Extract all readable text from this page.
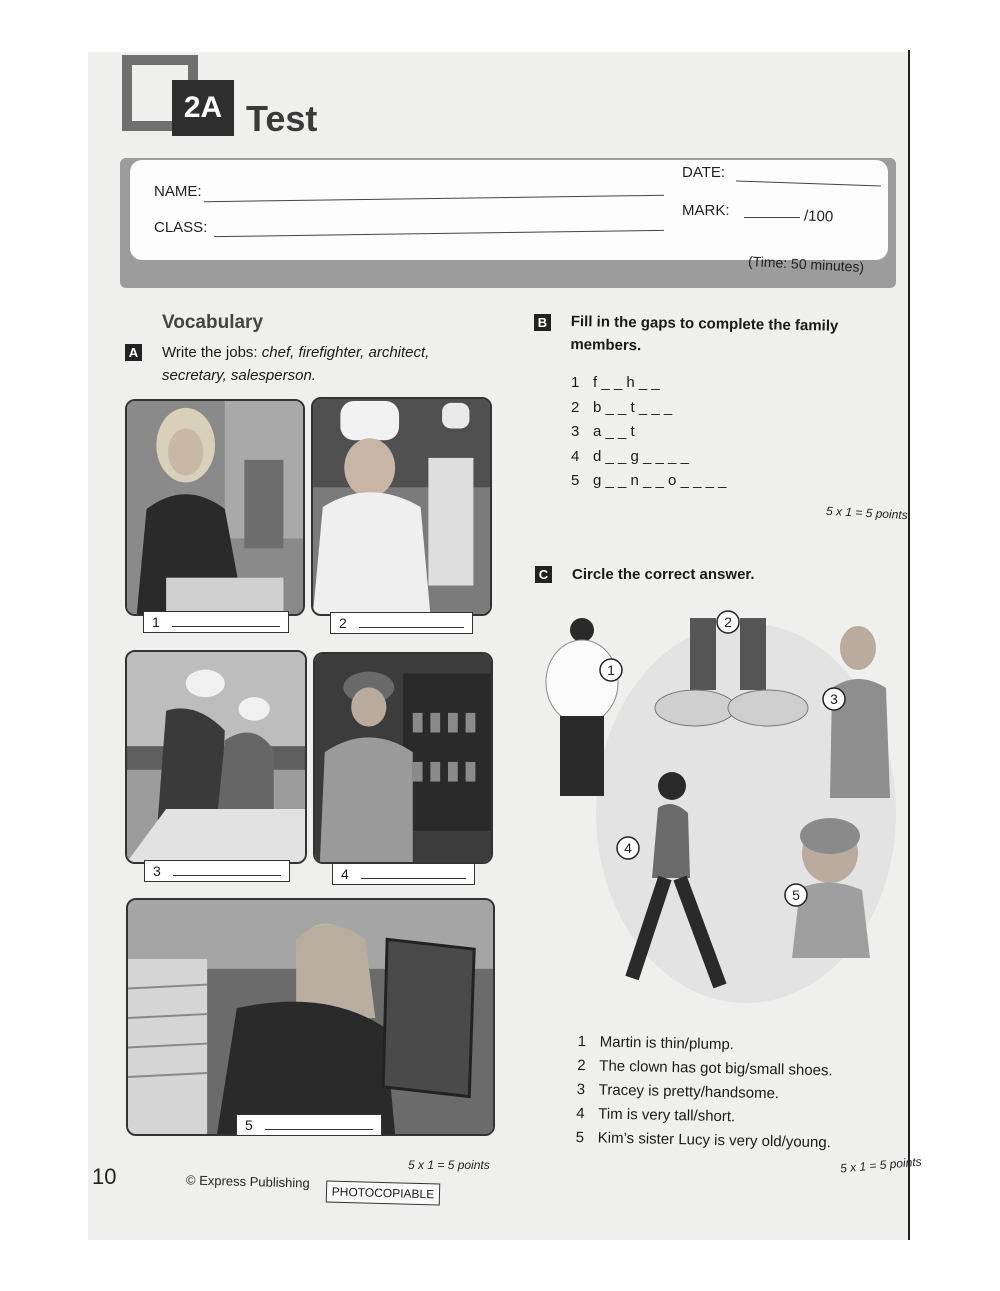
2A Test
NAME:
CLASS:
DATE:
MARK:	/100
(Time: 50 minutes)
Vocabulary
A Write the jobs: chef, firefighter, architect,
secretary, salesperson.
1	2
3	4
5
5 x 1 = 5 points
B Fill in the gaps to complete the family
members.
1 f _ _ h _ _
2 b _ _ t _ _ _
3 a _ _ t
4 d _ _ g _ _ _ _
5 g _ _ n _ _ o _ _ _ _
5 x 1 = 5 points
C Circle the correct answer.
1
2
3
4
5
1 Martin is thin/plump.
2 The clown has got big/small shoes.
3 Tracey is pretty/handsome.
4 Tim is very tall/short.
5 Kim’s sister Lucy is very old/young.
5 x 1 = 5 points
10	© Express Publishing
PHOTOCOPIABLE
